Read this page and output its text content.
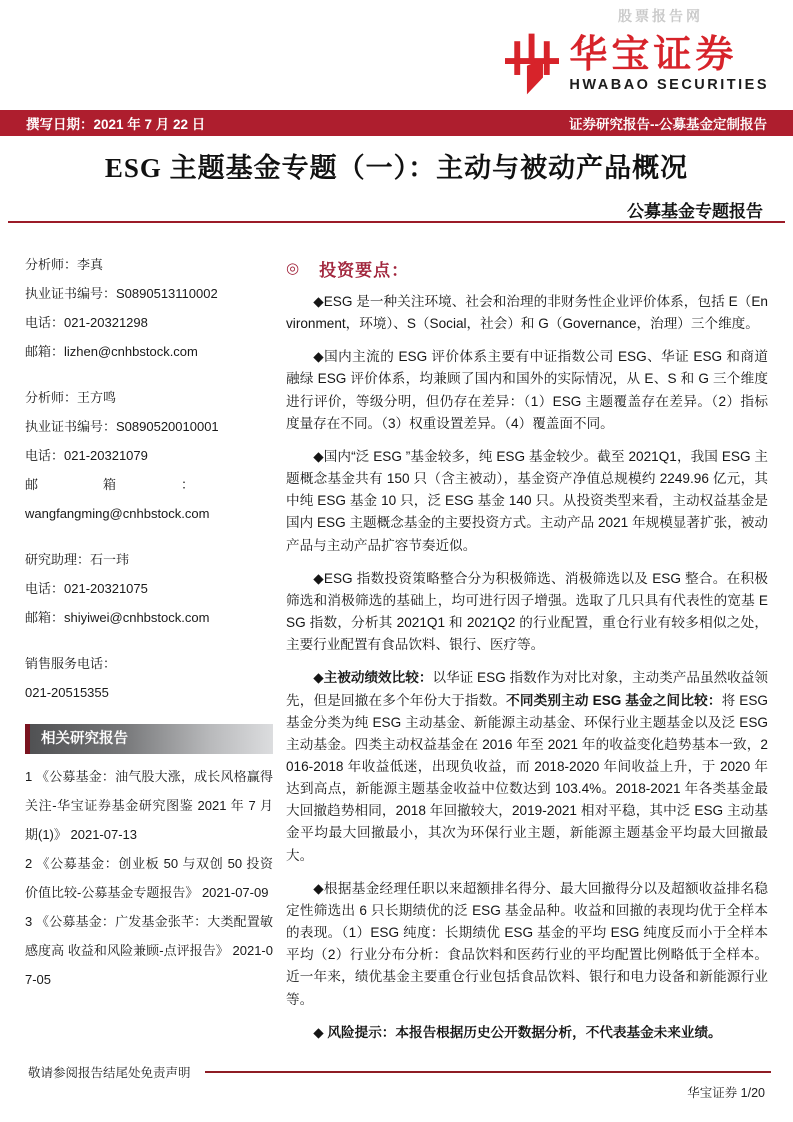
股票报告网
华宝证券
HWABAO SECURITIES
撰写日期：2021 年 7 月 22 日	证券研究报告--公募基金定制报告
ESG 主题基金专题（一）：主动与被动产品概况
公募基金专题报告
分析师：李真
执业证书编号：S0890513110002
电话：021-20321298
邮箱：lizhen@cnhbstock.com
分析师：王方鸣
执业证书编号：S0890520010001
电话：021-20321079
邮　　　　　箱　　　　　：
wangfangming@cnhbstock.com
研究助理：石一玮
电话：021-20321075
邮箱：shiyiwei@cnhbstock.com
销售服务电话：
021-20515355
相关研究报告
1 《公募基金：油气股大涨，成长风格赢得关注-华宝证券基金研究图鉴 2021 年 7 月期(1)》 2021-07-13
2 《公募基金：创业板 50 与双创 50 投资价值比较-公募基金专题报告》 2021-07-09
3 《公募基金：广发基金张芊：大类配置敏感度高 收益和风险兼顾-点评报告》 2021-07-05
◎ 投资要点：

◆ESG 是一种关注环境、社会和治理的非财务性企业评价体系，包括 E（Environment，环境）、S（Social，社会）和 G（Governance，治理）三个维度。

◆国内主流的 ESG 评价体系主要有中证指数公司 ESG、华证 ESG 和商道融绿 ESG 评价体系，均兼顾了国内和国外的实际情况，从 E、S 和 G 三个维度进行评价，等级分明，但仍存在差异：（1）ESG 主题覆盖存在差异。（2）指标度量存在不同。（3）权重设置差异。（4）覆盖面不同。

◆国内“泛 ESG ”基金较多，纯 ESG 基金较少。截至 2021Q1，我国 ESG 主题概念基金共有 150 只（含主被动），基金资产净值总规模约 2249.96 亿元，其中纯 ESG 基金 10 只，泛 ESG 基金 140 只。从投资类型来看，主动权益基金是国内 ESG 主题概念基金的主要投资方式。主动产品 2021 年规模显著扩张，被动产品与主动产品扩容节奏近似。

◆ESG 指数投资策略整合分为积极筛选、消极筛选以及 ESG 整合。在积极筛选和消极筛选的基础上，均可进行因子增强。选取了几只具有代表性的宽基 ESG 指数，分析其 2021Q1 和 2021Q2 的行业配置，重仓行业有较多相似之处，主要行业配置有食品饮料、银行、医疗等。

◆主被动绩效比较：以华证 ESG 指数作为对比对象，主动类产品虽然收益领先，但是回撤在多个年份大于指数。不同类别主动 ESG 基金之间比较：将 ESG 基金分类为纯 ESG 主动基金、新能源主动基金、环保行业主题基金以及泛 ESG 主动基金。四类主动权益基金在 2016 年至 2021 年的收益变化趋势基本一致，2016-2018 年收益低迷，出现负收益，而 2018-2020 年间收益上升，于 2020 年达到高点，新能源主题基金收益中位数达到 103.4%。2018-2021 年各类基金最大回撤趋势相同，2018 年回撤较大，2019-2021 相对平稳，其中泛 ESG 主动基金平均最大回撤最小，其次为环保行业主题，新能源主题基金平均最大回撤最大。

◆根据基金经理任职以来超额排名得分、最大回撤得分以及超额收益排名稳定性筛选出 6 只长期绩优的泛 ESG 基金品种。收益和回撤的表现均优于全样本的表现。（1）ESG 纯度：长期绩优 ESG 基金的平均 ESG 纯度反而小于全样本平均（2）行业分布分析：食品饮料和医药行业的平均配置比例略低于全样本。近一年来，绩优基金主要重仓行业包括食品饮料、银行和电力设备和新能源行业等。

◆ 风险提示：本报告根据历史公开数据分析，不代表基金未来业绩。

敬请参阅报告结尾处免责声明
华宝证券 1/20
